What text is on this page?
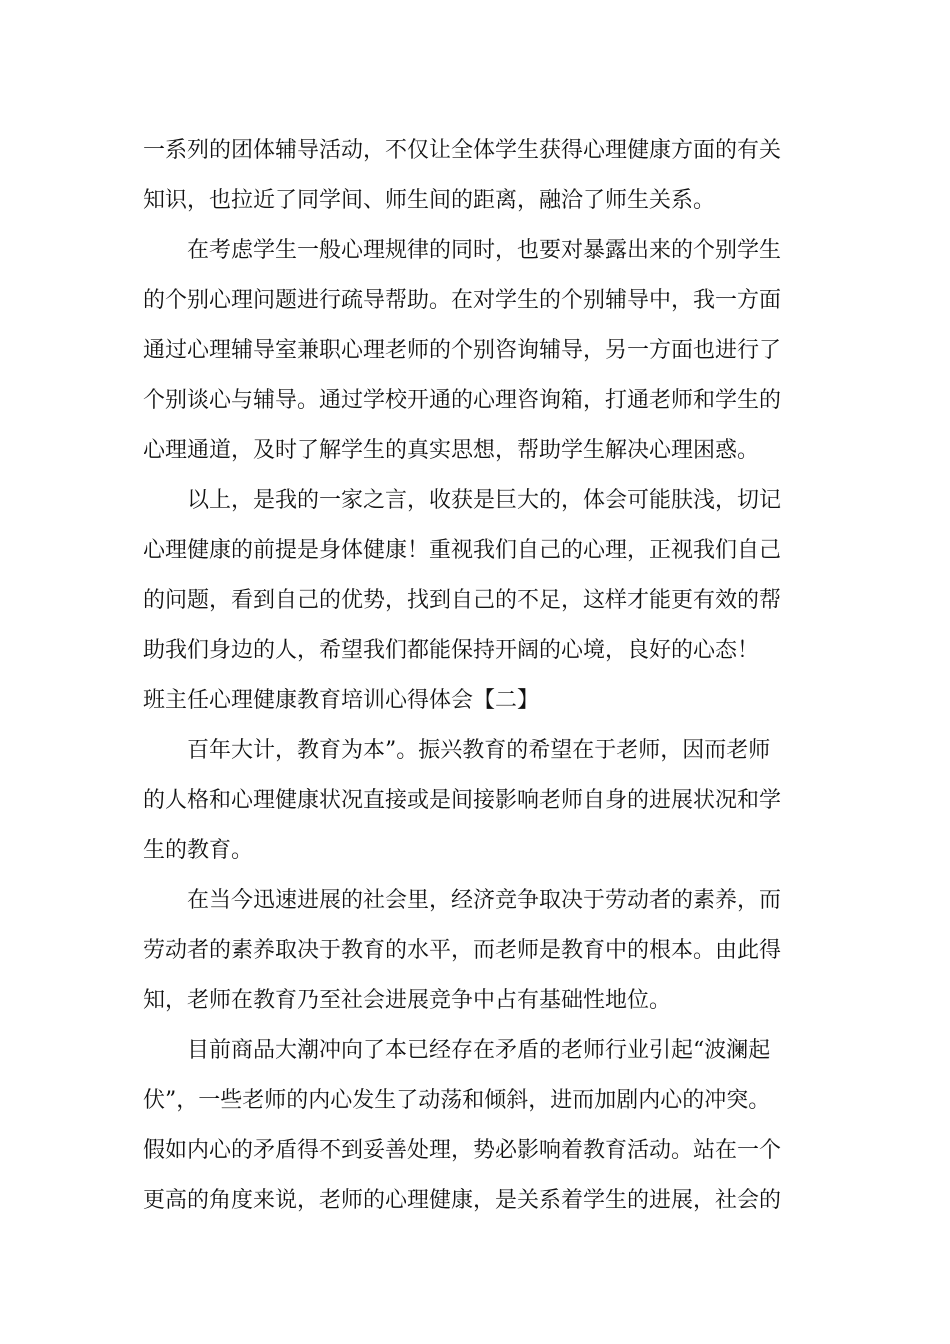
一系列的团体辅导活动，不仅让全体学生获得心理健康方面的有关
知识，也拉近了同学间、师生间的距离，融洽了师生关系。
在考虑学生一般心理规律的同时，也要对暴露出来的个别学生
的个别心理问题进行疏导帮助。在对学生的个别辅导中，我一方面
通过心理辅导室兼职心理老师的个别咨询辅导，另一方面也进行了
个别谈心与辅导。通过学校开通的心理咨询箱，打通老师和学生的
心理通道，及时了解学生的真实思想，帮助学生解决心理困惑。
以上，是我的一家之言，收获是巨大的，体会可能肤浅，切记
心理健康的前提是身体健康！重视我们自己的心理，正视我们自己
的问题，看到自己的优势，找到自己的不足，这样才能更有效的帮
助我们身边的人，希望我们都能保持开阔的心境，良好的心态！
班主任心理健康教育培训心得体会【二】
百年大计，教育为本”。振兴教育的希望在于老师，因而老师
的人格和心理健康状况直接或是间接影响老师自身的进展状况和学
生的教育。
在当今迅速进展的社会里，经济竞争取决于劳动者的素养，而
劳动者的素养取决于教育的水平，而老师是教育中的根本。由此得
知，老师在教育乃至社会进展竞争中占有基础性地位。
目前商品大潮冲向了本已经存在矛盾的老师行业引起“波澜起
伏”，一些老师的内心发生了动荡和倾斜，进而加剧内心的冲突。
假如内心的矛盾得不到妥善处理，势必影响着教育活动。站在一个
更高的角度来说，老师的心理健康，是关系着学生的进展，社会的
